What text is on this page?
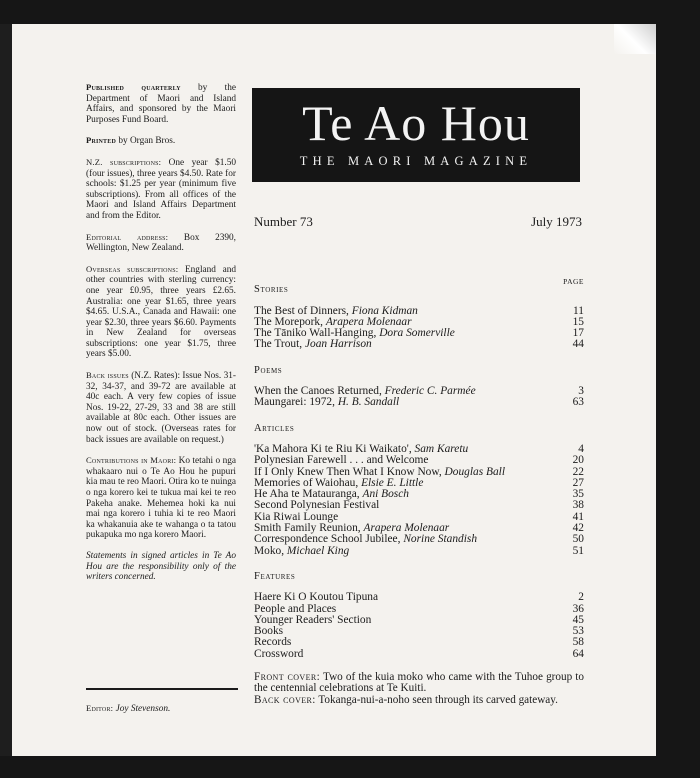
Published quarterly by the Department of Maori and Island Affairs, and sponsored by the Maori Purposes Fund Board.

Printed by Organ Bros.

N.Z. subscriptions: One year $1.50 (four issues), three years $4.50. Rate for schools: $1.25 per year (minimum five subscriptions). From all offices of the Maori and Island Affairs Department and from the Editor.

Editorial address: Box 2390, Wellington, New Zealand.

Overseas subscriptions: England and other countries with sterling currency: one year £0.95, three years £2.65. Australia: one year $1.65, three years $4.65. U.S.A., Canada and Hawaii: one year $2.30, three years $6.60. Payments in New Zealand for overseas subscriptions: one year $1.75, three years $5.00.

Back issues (N.Z. Rates): Issue Nos. 31-32, 34-37, and 39-72 are available at 40c each. A very few copies of issue Nos. 19-22, 27-29, 33 and 38 are still available at 80c each. Other issues are now out of stock. (Overseas rates for back issues are available on request.)

Contributions in Maori: Ko tetahi o nga whakaaro nui o Te Ao Hou he pupuri kia mau te reo Maori. Otira ko te nuinga o nga korero kei te tukua mai kei te reo Pakeha anake. Mehemea hoki ka nui mai nga korero i tuhia ki te reo Maori ka whakanuia ake te wahanga o ta tatou pukapuka mo nga korero Maori.

Statements in signed articles in Te Ao Hou are the responsibility only of the writers concerned.

Editor: Joy Stevenson.
Te Ao Hou
THE MAORI MAGAZINE
Number 73	July 1973
PAGE
Stories
The Best of Dinners, Fiona Kidman	11
The Morepork, Arapera Molenaar	15
The Tāniko Wall-Hanging, Dora Somerville	17
The Trout, Joan Harrison	44
Poems
When the Canoes Returned, Frederic C. Parmée	3
Maungarei: 1972, H. B. Sandall	63
Articles
'Ka Mahora Ki te Riu Ki Waikato', Sam Karetu	4
Polynesian Farewell . . . and Welcome	20
If I Only Knew Then What I Know Now, Douglas Ball	22
Memories of Waiohau, Elsie E. Little	27
He Aha te Matauranga, Ani Bosch	35
Second Polynesian Festival	38
Kia Riwai Lounge	41
Smith Family Reunion, Arapera Molenaar	42
Correspondence School Jubilee, Norine Standish	50
Moko, Michael King	51
Features
Haere Ki O Koutou Tipuna	2
People and Places	36
Younger Readers' Section	45
Books	53
Records	58
Crossword	64
Front cover: Two of the kuia moko who came with the Tuhoe group to the centennial celebrations at Te Kuiti.
Back cover: Tokanga-nui-a-noho seen through its carved gateway.
